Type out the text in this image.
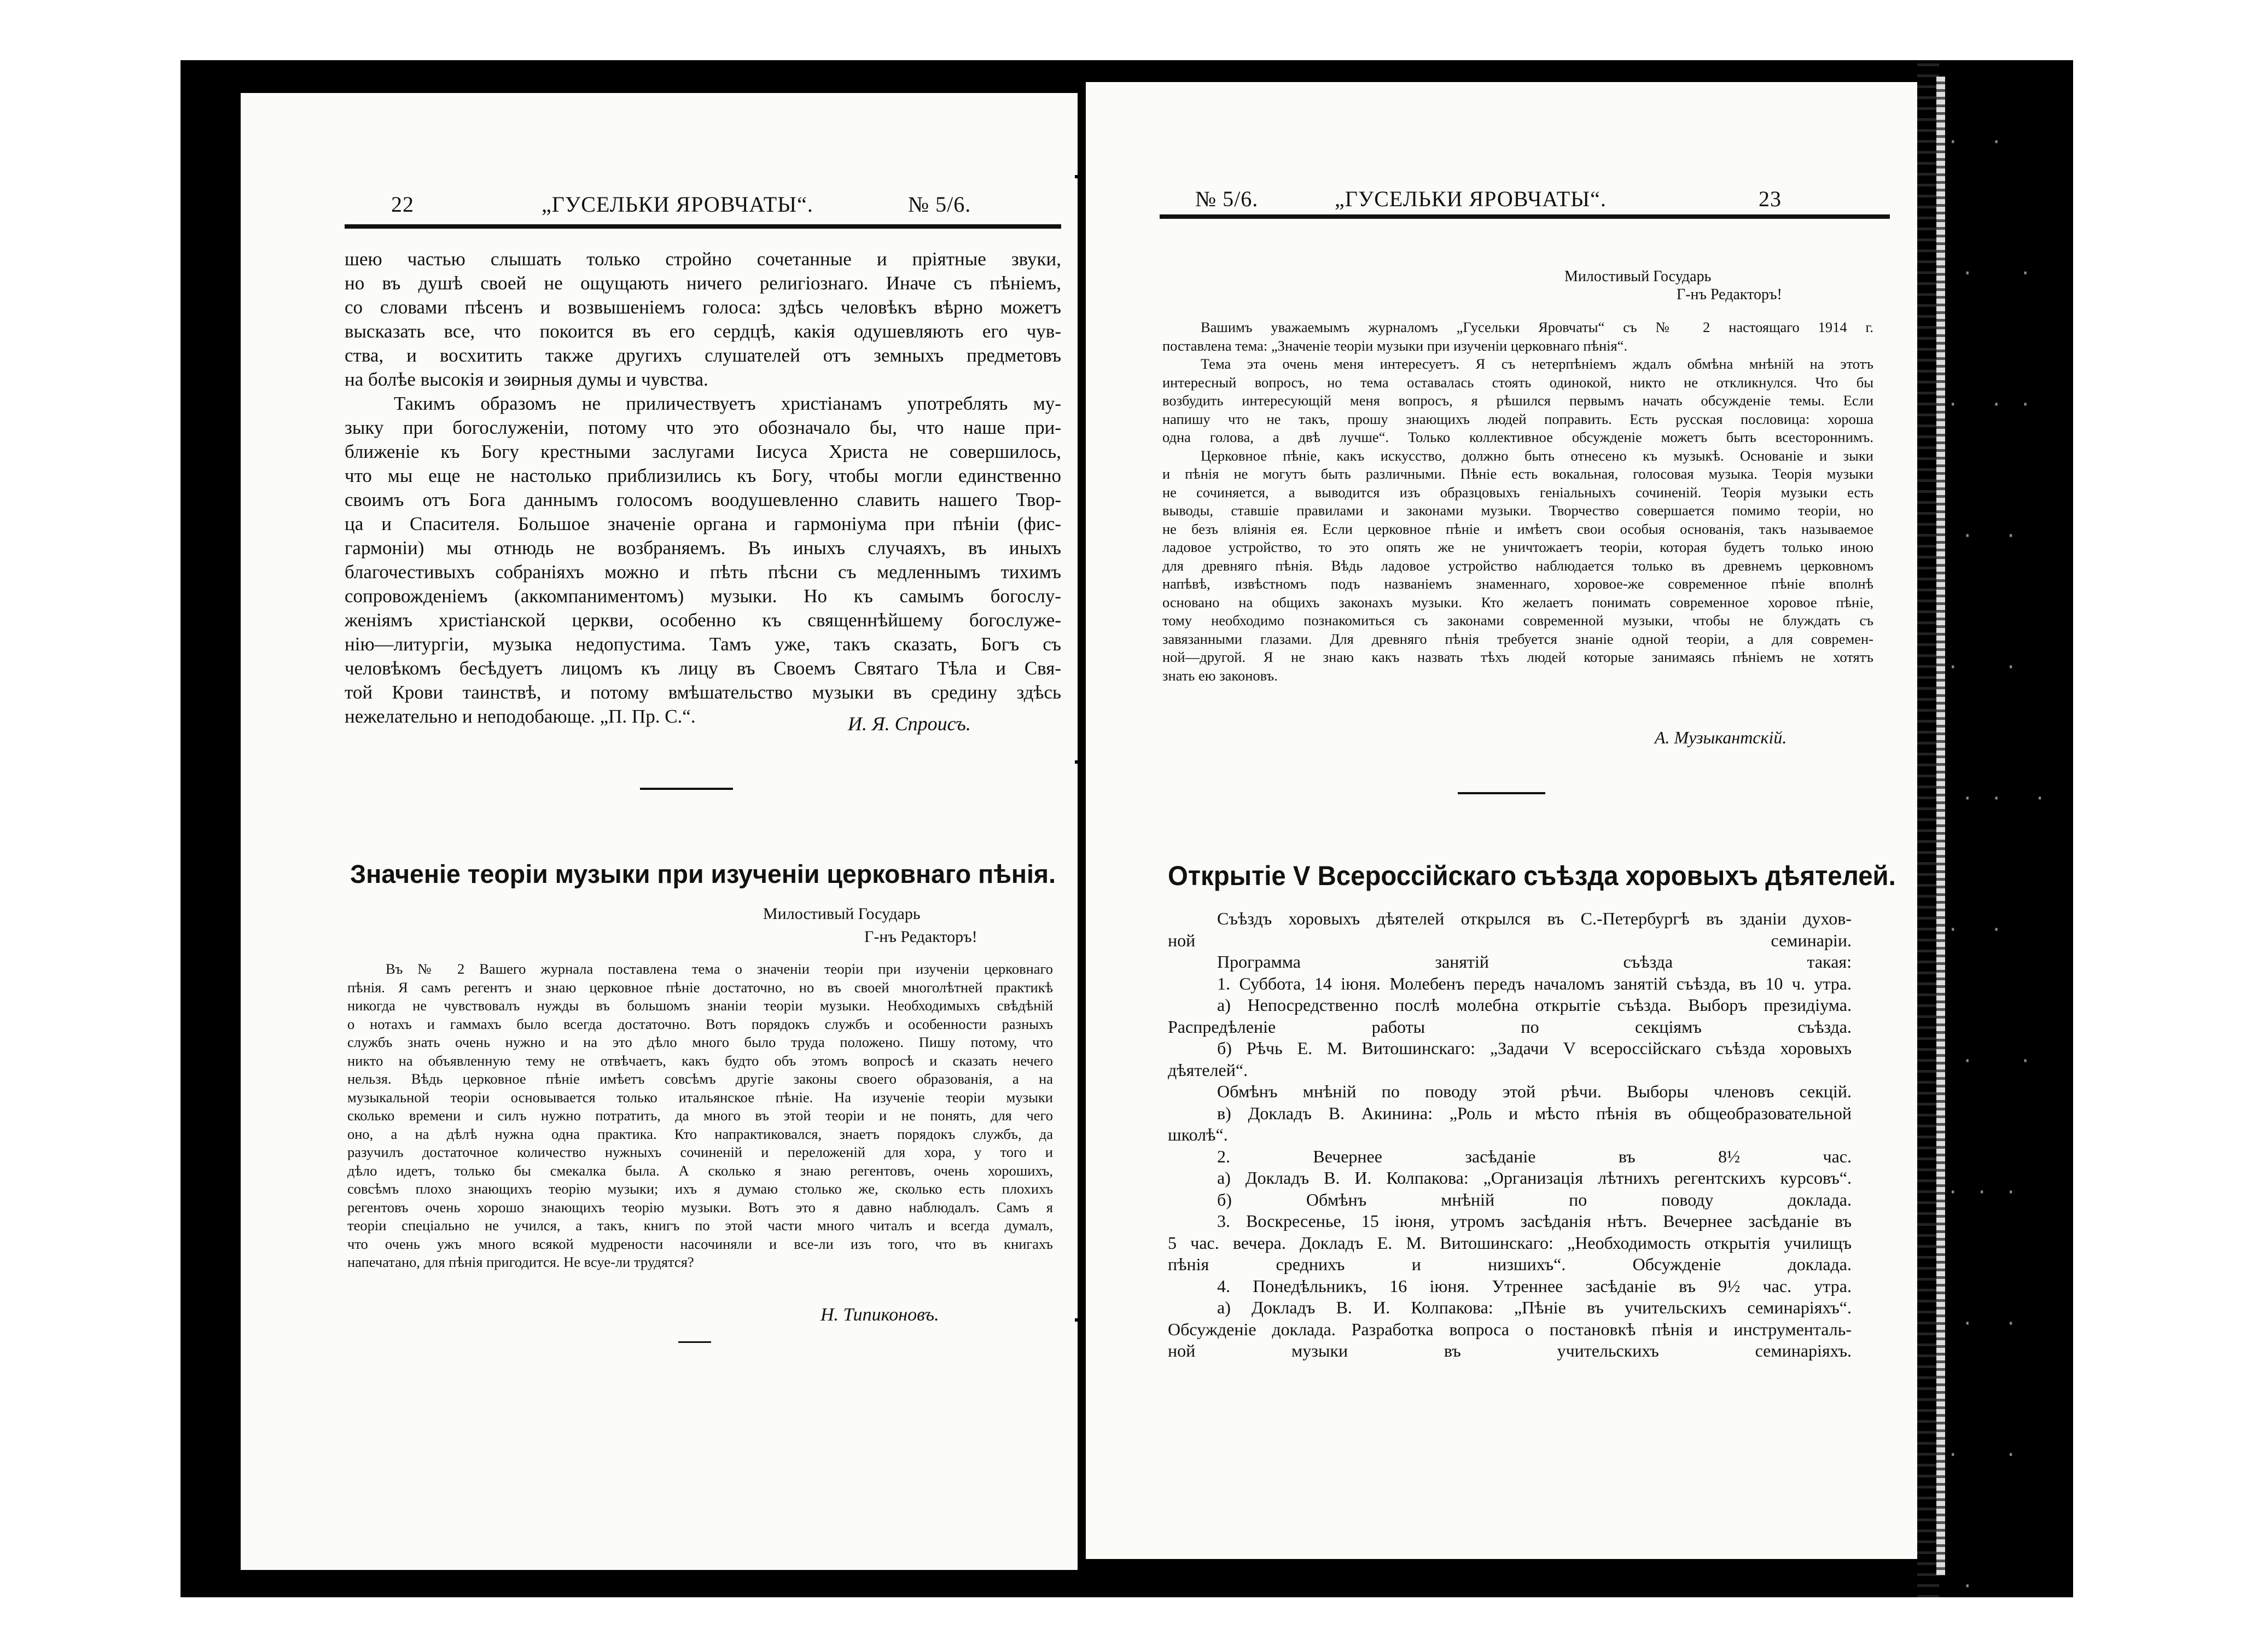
·  ·
·   ·
·  · ·
·  ·
·   ·
· ·
·  ·
·   ·
· · ·
·  ·
·   ·
·
22	„ГУСЕЛЬКИ ЯРОВЧАТЫ“.	№ 5/6.

шею частью слышать только стройно сочетанные и пріятные звуки,

но въ душѣ своей не ощущають ничего религіознаго. Иначе съ пѣніемъ,

со словами пѣсенъ и возвышеніемъ голоса: здѣсь человѣкъ вѣрно можетъ

высказать все, что покоится въ его сердцѣ, какія одушевляють его чув-

ства, и восхитить также другихъ слушателей отъ земныхъ предметовъ

на болѣе высокія и зѳирныя думы и чувства.

Такимъ образомъ не приличествуетъ христіанамъ употреблять му-

зыку при богослуженіи, потому что это обозначало бы, что наше при-

ближеніе къ Богу крестными заслугами Іисуса Христа не совершилось,

что мы еще не настолько приблизились къ Богу, чтобы могли единственно

своимъ отъ Бога даннымъ голосомъ воодушевленно славить нашего Твор-

ца и Спасителя. Большое значеніе органа и гармоніума при пѣніи (фис-

гармоніи) мы отнюдь не возбраняемъ. Въ иныхъ случаяхъ, въ иныхъ

благочестивыхъ собраніяхъ можно и пѣть пѣсни съ медленнымъ тихимъ

сопровожденіемъ (аккомпаниментомъ) музыки. Но къ самымъ богослу-

женіямъ христіанской церкви, особенно къ священнѣйшему богослуже-

нію—литургіи, музыка недопустима. Тамъ уже, такъ сказать, Богъ съ

человѣкомъ бесѣдуетъ лицомъ къ лицу въ Своемъ Святаго Тѣла и Свя-

той Крови таинствѣ, и потому вмѣшательство музыки въ средину здѣсь

нежелательно и неподобающе. „П. Пр. С.“.	И. Я. Спроисъ.
Значеніе теоріи музыки при изученіи церковнаго пѣнія.
Милостивый Государь
Г-нъ Редакторъ!

Въ № 2 Вашего журнала поставлена тема о значеніи теоріи при изученіи церковнаго

пѣнія. Я самъ регентъ и знаю церковное пѣніе достаточно, но въ своей многолѣтней практикѣ

никогда не чувствовалъ нужды въ большомъ знаніи теоріи музыки. Необходимыхъ свѣдѣній

о нотахъ и гаммахъ было всегда достаточно. Вотъ порядокъ службъ и особенности разныхъ

службъ знать очень нужно и на это дѣло много было труда положено. Пишу потому, что

никто на объявленную тему не отвѣчаетъ, какъ будто объ этомъ вопросѣ и сказать нечего

нельзя. Вѣдь церковное пѣніе имѣетъ совсѣмъ другіе законы своего образованія, а на

музыкальной теоріи основывается только итальянское пѣніе. На изученіе теоріи музыки

сколько времени и силъ нужно потратить, да много въ этой теоріи и не понять, для чего

оно, а на дѣлѣ нужна одна практика. Кто напрактиковался, знаетъ порядокъ службъ, да

разучилъ достаточное количество нужныхъ сочиненій и переложеній для хора, у того и

дѣло идетъ, только бы смекалка была. А сколько я знаю регентовъ, очень хорошихъ,

совсѣмъ плохо знающихъ теорію музыки; ихъ я думаю столько же, сколько есть плохихъ

регентовъ очень хорошо знающихъ теорію музыки. Вотъ это я давно наблюдалъ. Самъ я

теоріи спеціально не учился, а такъ, книгъ по этой части много читалъ и всегда думалъ,

что очень ужъ много всякой мудрености насочиняли и все-ли изъ того, что въ книгахъ

напечатано, для пѣнія пригодится. Не всуе-ли трудятся?

Н. Типиконовъ.
№ 5/6.	„ГУСЕЛЬКИ ЯРОВЧАТЫ“.	23
Милостивый Государь
Г-нъ Редакторъ!

Вашимъ уважаемымъ журналомъ „Гусельки Яровчаты“ съ № 2 настоящаго 1914 г.

поставлена тема: „Значеніе теоріи музыки при изученіи церковнаго пѣнія“.

Тема эта очень меня интересуетъ. Я съ нетерпѣніемъ ждалъ обмѣна мнѣній на этотъ

интересный вопросъ, но тема оставалась стоять одинокой, никто не откликнулся. Что бы

возбудить интересующій меня вопросъ, я рѣшился первымъ начать обсужденіе темы. Если

напишу что не такъ, прошу знающихъ людей поправить. Есть русская пословица: хороша

одна голова, а двѣ лучше“. Только коллективное обсужденіе можетъ быть всестороннимъ.

Церковное пѣніе, какъ искусство, должно быть отнесено къ музыкѣ. Основаніе и зыки

и пѣнія не могутъ быть различными. Пѣніе есть вокальная, голосовая музыка. Теорія музыки

не сочиняется, а выводится изъ образцовыхъ геніальныхъ сочиненій. Теорія музыки есть

выводы, ставшіе правилами и законами музыки. Творчество совершается помимо теоріи, но

не безъ вліянія ея. Если церковное пѣніе и имѣетъ свои особыя основанія, такъ называемое

ладовое устройство, то это опять же не уничтожаетъ теоріи, которая будетъ только иною

для древняго пѣнія. Вѣдь ладовое устройство наблюдается только въ древнемъ церковномъ

напѣвѣ, извѣстномъ подъ названіемъ знаменнаго, хоровое-же современное пѣніе вполнѣ

основано на общихъ законахъ музыки. Кто желаетъ понимать современное хоровое пѣніе,

тому необходимо познакомиться съ законами современной музыки, чтобы не блуждать съ

завязанными глазами. Для древняго пѣнія требуется знаніе одной теоріи, а для современ-

ной—другой. Я не знаю какъ назвать тѣхъ людей которые занимаясь пѣніемъ не хотятъ

знать ею законовъ.

А. Музыкантскій.
Открытіе V Всероссійскаго съѣзда хоровыхъ дѣятелей.

Съѣздъ хоровыхъ дѣятелей открылся въ С.-Петербургѣ въ зданіи духов-

ной семинаріи.

Программа занятій съѣзда такая:

1. Суббота, 14 іюня. Молебенъ передъ началомъ занятій съѣзда, въ 10 ч. утра.

а) Непосредственно послѣ молебна открытіе съѣзда. Выборъ президіума.

Распредѣленіе работы по секціямъ съѣзда.

б) Рѣчь Е. М. Витошинскаго: „Задачи V всероссійскаго съѣзда хоровыхъ

дѣятелей“.

Обмѣнъ мнѣній по поводу этой рѣчи. Выборы членовъ секцій.

в) Докладъ В. Акинина: „Роль и мѣсто пѣнія въ общеобразовательной

школѣ“.

2. Вечернее засѣданіе въ 8½ час.

а) Докладъ В. И. Колпакова: „Организація лѣтнихъ регентскихъ курсовъ“.

б) Обмѣнъ мнѣній по поводу доклада.

3. Воскресенье, 15 іюня, утромъ засѣданія нѣтъ. Вечернее засѣданіе въ

5 час. вечера. Докладъ Е. М. Витошинскаго: „Необходимость открытія училищъ

пѣнія среднихъ и низшихъ“. Обсужденіе доклада.

4. Понедѣльникъ, 16 іюня. Утреннее засѣданіе въ 9½ час. утра.

а) Докладъ В. И. Колпакова: „Пѣніе въ учительскихъ семинаріяхъ“.

Обсужденіе доклада. Разработка вопроса о постановкѣ пѣнія и инструменталь-

ной музыки въ учительскихъ семинаріяхъ.
